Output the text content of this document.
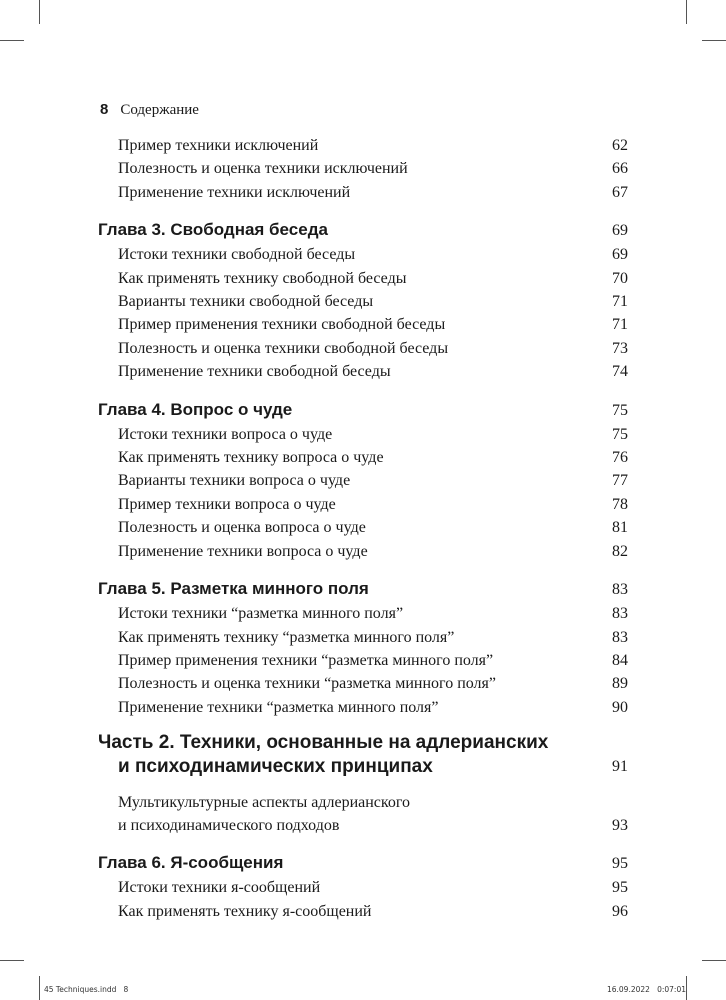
8 Содержание
Пример техники исключений	62
Полезность и оценка техники исключений	66
Применение техники исключений	67
Глава 3. Свободная беседа	69
Истоки техники свободной беседы	69
Как применять технику свободной беседы	70
Варианты техники свободной беседы	71
Пример применения техники свободной беседы	71
Полезность и оценка техники свободной беседы	73
Применение техники свободной беседы	74
Глава 4. Вопрос о чуде	75
Истоки техники вопроса о чуде	75
Как применять технику вопроса о чуде	76
Варианты техники вопроса о чуде	77
Пример техники вопроса о чуде	78
Полезность и оценка вопроса о чуде	81
Применение техники вопроса о чуде	82
Глава 5. Разметка минного поля	83
Истоки техники “разметка минного поля”	83
Как применять технику “разметка минного поля”	83
Пример применения техники “разметка минного поля”	84
Полезность и оценка техники “разметка минного поля”	89
Применение техники “разметка минного поля”	90
Часть 2. Техники, основанные на адлерианских
и психодинамических принципах	91
Мультикультурные аспекты адлерианского
и психодинамического подходов	93
Глава 6. Я-сообщения	95
Истоки техники я-сообщений	95
Как применять технику я-сообщений	96
45 Techniques.indd 8	16.09.2022 0:07:01
